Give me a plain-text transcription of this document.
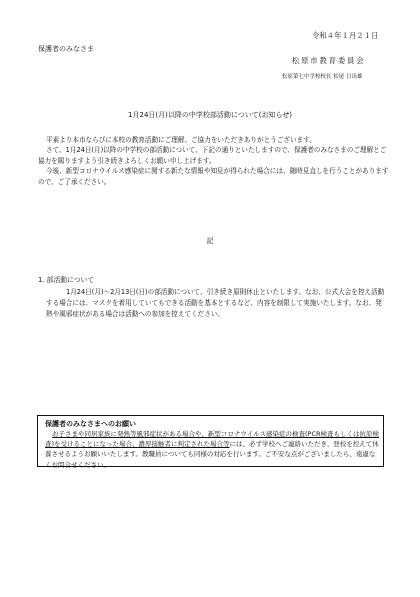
令和４年１月２１日
保護者のみなさま
松原市教育委員会
松原第七中学校校長 松尾 日出雄
1月24日(月)以降の中学校部活動について(お知らせ)

平素より本市ならびに本校の教育活動にご理解、ご協力をいただきありがとうございます。

さて、1月24日(月)以降の中学校の部活動について、下記の通りといたしますので、保護者のみなさまのご理解とご協力を賜りますよう引き続きよろしくお願い申し上げます。

今後、新型コロナウイルス感染症に関する新たな情報や知見が得られた場合には、随時見直しを行うことがありますので、ご了承ください。

記
1. 部活動について

1月24日(月)～2月13日(日)の部活動について、引き続き原則休止といたします。なお、公式大会を控え活動する場合には、マスクを着用していてもできる活動を基本とするなど、内容を制限して実施いたします。なお、発熱や風邪症状がある場合は活動への参加を控えてください。

保護者のみなさまへのお願い

お子さまや同居家族に発熱等風邪症状がある場合や、新型コロナウイルス感染症の検査(PCR検査もしくは抗原検査)を受けることになった場合、濃厚接触者に判定された場合等には、必ず学校へご連絡いただき、登校を控えて休養させるようお願いいたします。教職員についても同様の対応を行います。ご不安な点がございましたら、遠慮なくお問合せください。
